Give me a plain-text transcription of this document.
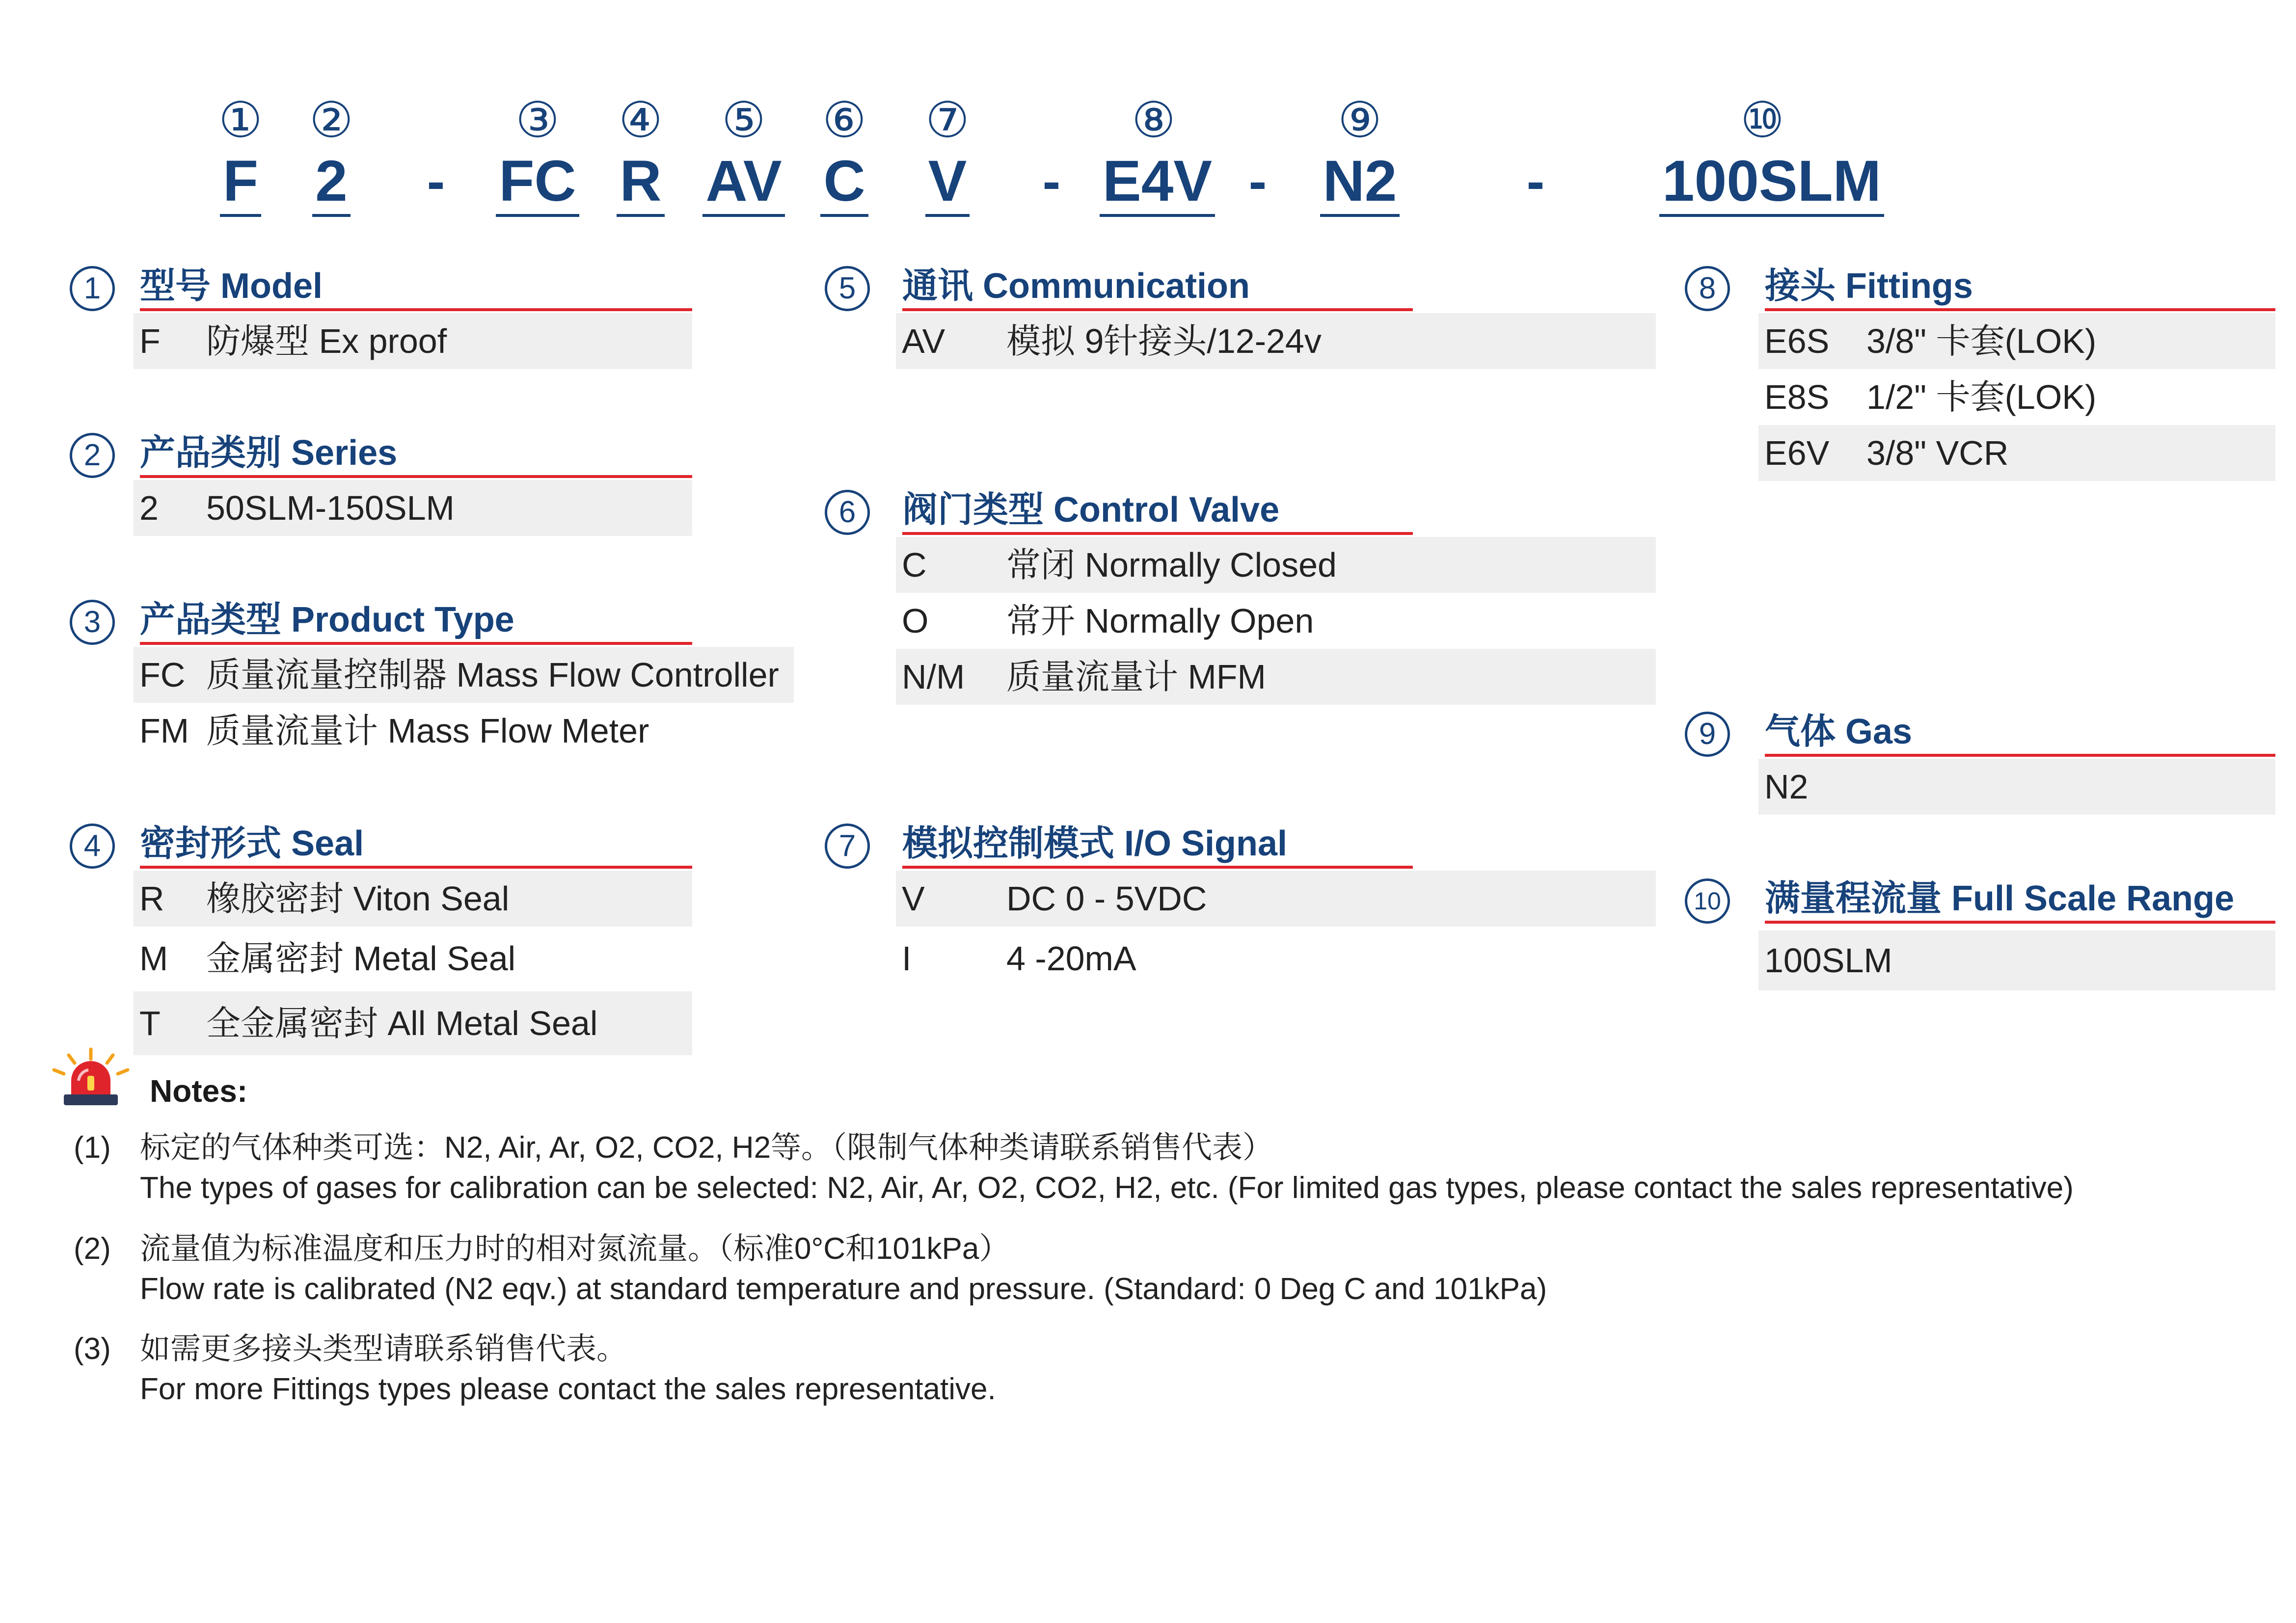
①
F
②
2 -
③
FC
④
R
⑤
AV
⑥
C
⑦
V -
⑧
E4V -
⑨
N2 -
⑩
100SLM
1	型号 Model
F 防爆型 Ex proof
2	产品类别 Series
2 50SLM-150SLM
3	产品类型 Product Type
FC 质量流量控制器 Mass Flow Controller
FM 质量流量计 Mass Flow Meter
4	密封形式 Seal
R 橡胶密封 Viton Seal
M 金属密封 Metal Seal
T 全金属密封 All Metal Seal
5	通讯 Communication
AV 模拟 9针接头/12-24v
6	阀门类型 Control Valve
C 常闭 Normally Closed
O 常开 Normally Open
N/M 质量流量计 MFM
7	模拟控制模式 I/O Signal
V DC 0 - 5VDC
I	4 -20mA
8	接头 Fittings
E6S 3/8" 卡套(LOK)
E8S 1/2" 卡套(LOK)
E6V 3/8" VCR
9	气体 Gas
N2
10 满量程流量 Full Scale Range
100SLM
Notes:
(1) 标定的气体种类可选：N2, Air, Ar, O2, CO2, H2等。（限制气体种类请联系销售代表）
The types of gases for calibration can be selected: N2, Air, Ar, O2, CO2, H2, etc. (For limited gas types, please contact the sales representative)
(2) 流量值为标准温度和压力时的相对氮流量。（标准0°C和101kPa）
Flow rate is calibrated (N2 eqv.) at standard temperature and pressure. (Standard: 0 Deg C and 101kPa)
(3) 如需更多接头类型请联系销售代表。
For more Fittings types please contact the sales representative.
